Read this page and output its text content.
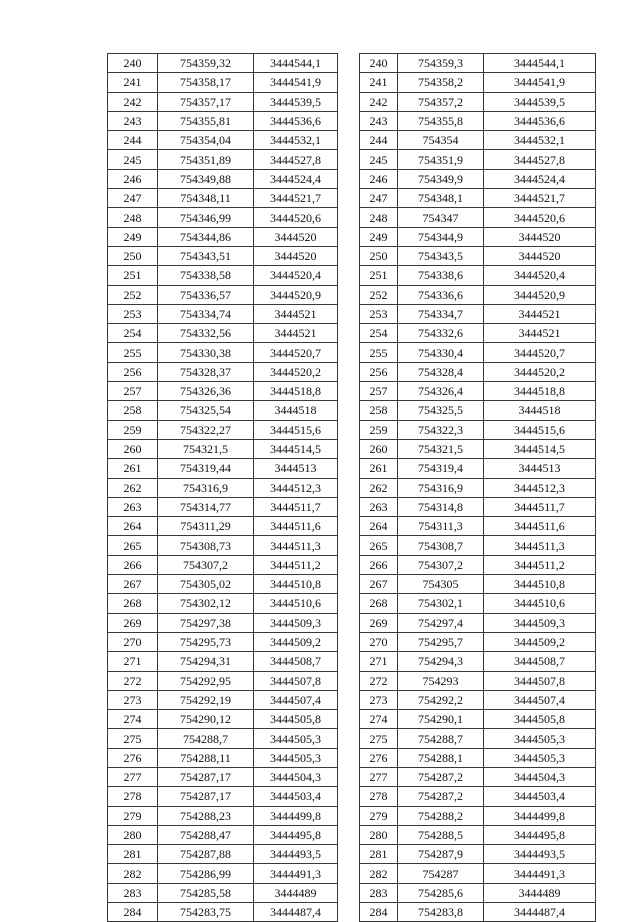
240	754359,32	3444544,1		240	754359,3	3444544,1
241	754358,17	3444541,9		241	754358,2	3444541,9
242	754357,17	3444539,5		242	754357,2	3444539,5
243	754355,81	3444536,6		243	754355,8	3444536,6
244	754354,04	3444532,1		244	754354	3444532,1
245	754351,89	3444527,8		245	754351,9	3444527,8
246	754349,88	3444524,4		246	754349,9	3444524,4
247	754348,11	3444521,7		247	754348,1	3444521,7
248	754346,99	3444520,6		248	754347	3444520,6
249	754344,86	3444520		249	754344,9	3444520
250	754343,51	3444520		250	754343,5	3444520
251	754338,58	3444520,4		251	754338,6	3444520,4
252	754336,57	3444520,9		252	754336,6	3444520,9
253	754334,74	3444521		253	754334,7	3444521
254	754332,56	3444521		254	754332,6	3444521
255	754330,38	3444520,7		255	754330,4	3444520,7
256	754328,37	3444520,2		256	754328,4	3444520,2
257	754326,36	3444518,8		257	754326,4	3444518,8
258	754325,54	3444518		258	754325,5	3444518
259	754322,27	3444515,6		259	754322,3	3444515,6
260	754321,5	3444514,5		260	754321,5	3444514,5
261	754319,44	3444513		261	754319,4	3444513
262	754316,9	3444512,3		262	754316,9	3444512,3
263	754314,77	3444511,7		263	754314,8	3444511,7
264	754311,29	3444511,6		264	754311,3	3444511,6
265	754308,73	3444511,3		265	754308,7	3444511,3
266	754307,2	3444511,2		266	754307,2	3444511,2
267	754305,02	3444510,8		267	754305	3444510,8
268	754302,12	3444510,6		268	754302,1	3444510,6
269	754297,38	3444509,3		269	754297,4	3444509,3
270	754295,73	3444509,2		270	754295,7	3444509,2
271	754294,31	3444508,7		271	754294,3	3444508,7
272	754292,95	3444507,8		272	754293	3444507,8
273	754292,19	3444507,4		273	754292,2	3444507,4
274	754290,12	3444505,8		274	754290,1	3444505,8
275	754288,7	3444505,3		275	754288,7	3444505,3
276	754288,11	3444505,3		276	754288,1	3444505,3
277	754287,17	3444504,3		277	754287,2	3444504,3
278	754287,17	3444503,4		278	754287,2	3444503,4
279	754288,23	3444499,8		279	754288,2	3444499,8
280	754288,47	3444495,8		280	754288,5	3444495,8
281	754287,88	3444493,5		281	754287,9	3444493,5
282	754286,99	3444491,3		282	754287	3444491,3
283	754285,58	3444489		283	754285,6	3444489
284	754283,75	3444487,4		284	754283,8	3444487,4
